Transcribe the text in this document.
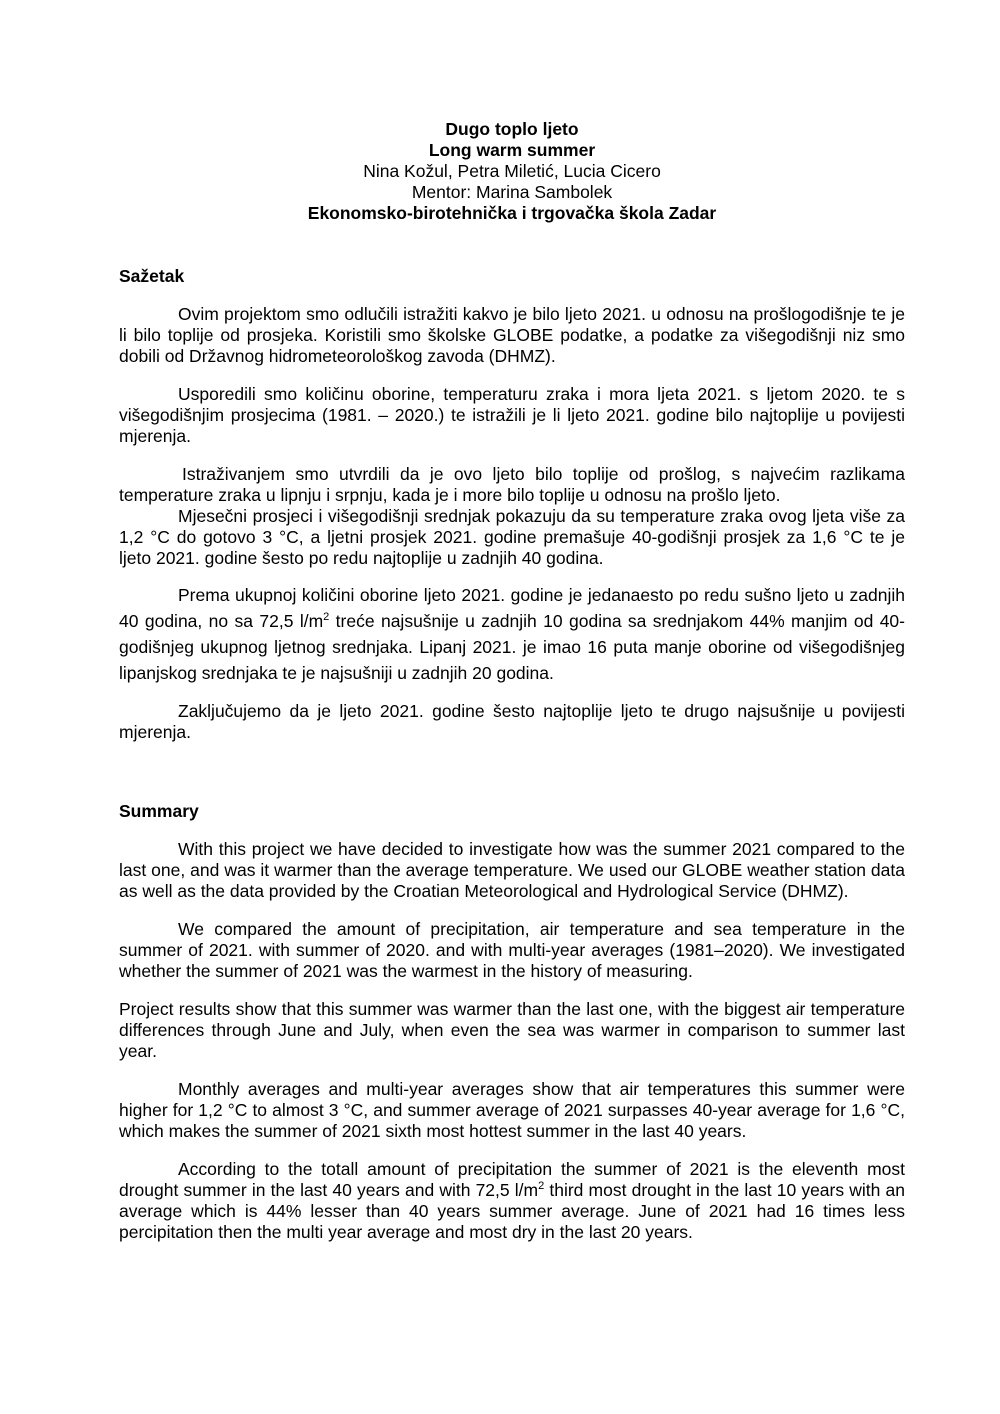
Dugo toplo ljeto
Long warm summer
Nina Kožul, Petra Miletić, Lucia Cicero
Mentor: Marina Sambolek
Ekonomsko-birotehnička i trgovačka škola Zadar
Sažetak

Ovim projektom smo odlučili istražiti kakvo je bilo ljeto 2021. u odnosu na prošlogodišnje te je li bilo toplije od prosjeka. Koristili smo školske GLOBE podatke, a podatke za višegodišnji niz smo dobili od Državnog hidrometeorološkog zavoda (DHMZ).

Usporedili smo količinu oborine, temperaturu zraka i mora ljeta 2021. s ljetom 2020. te s višegodišnjim prosjecima (1981. – 2020.) te istražili je li ljeto 2021. godine bilo najtoplije u povijesti mjerenja.

Istraživanjem smo utvrdili da je ovo ljeto bilo toplije od prošlog, s najvećim razlikama temperature zraka u lipnju i srpnju, kada je i more bilo toplije u odnosu na prošlo ljeto.

Mjesečni prosjeci i višegodišnji srednjak pokazuju da su temperature zraka ovog ljeta više za 1,2 °C do gotovo 3 °C, a ljetni prosjek 2021. godine premašuje 40-godišnji prosjek za 1,6 °C te je ljeto 2021. godine šesto po redu najtoplije u zadnjih 40 godina.

Prema ukupnoj količini oborine ljeto 2021. godine je jedanaesto po redu sušno ljeto u zadnjih 40 godina, no sa 72,5 $l/m^2$ treće najsušnije u zadnjih 10 godina sa srednjakom 44% manjim od 40-godišnjeg ukupnog ljetnog srednjaka. Lipanj 2021. je imao 16 puta manje oborine od višegodišnjeg lipanjskog srednjaka te je najsušniji u zadnjih 20 godina.

Zaključujemo da je ljeto 2021. godine šesto najtoplije ljeto te drugo najsušnije u povijesti mjerenja.

Summary

With this project we have decided to investigate how was the summer 2021 compared to the last one, and was it warmer than the average temperature. We used our GLOBE weather station data as well as the data provided by the Croatian Meteorological and Hydrological Service (DHMZ).

We compared the amount of precipitation, air temperature and sea temperature in the summer of 2021. with summer of 2020. and with multi-year averages (1981–2020). We investigated whether the summer of 2021 was the warmest in the history of measuring.

Project results show that this summer was warmer than the last one, with the biggest air temperature differences through June and July, when even the sea was warmer in comparison to summer last year.

Monthly averages and multi-year averages show that air temperatures this summer were higher for 1,2 °C to almost 3 °C, and summer average of 2021 surpasses 40-year average for 1,6 °C, which makes the summer of 2021 sixth most hottest summer in the last 40 years.

According to the totall amount of precipitation the summer of 2021 is the eleventh most drought summer in the last 40 years and with 72,5 $l/m^2$ third most drought in the last 10 years with an average which is 44% lesser than 40 years summer average. June of 2021 had 16 times less percipitation then the multi year average and most dry in the last 20 years.
